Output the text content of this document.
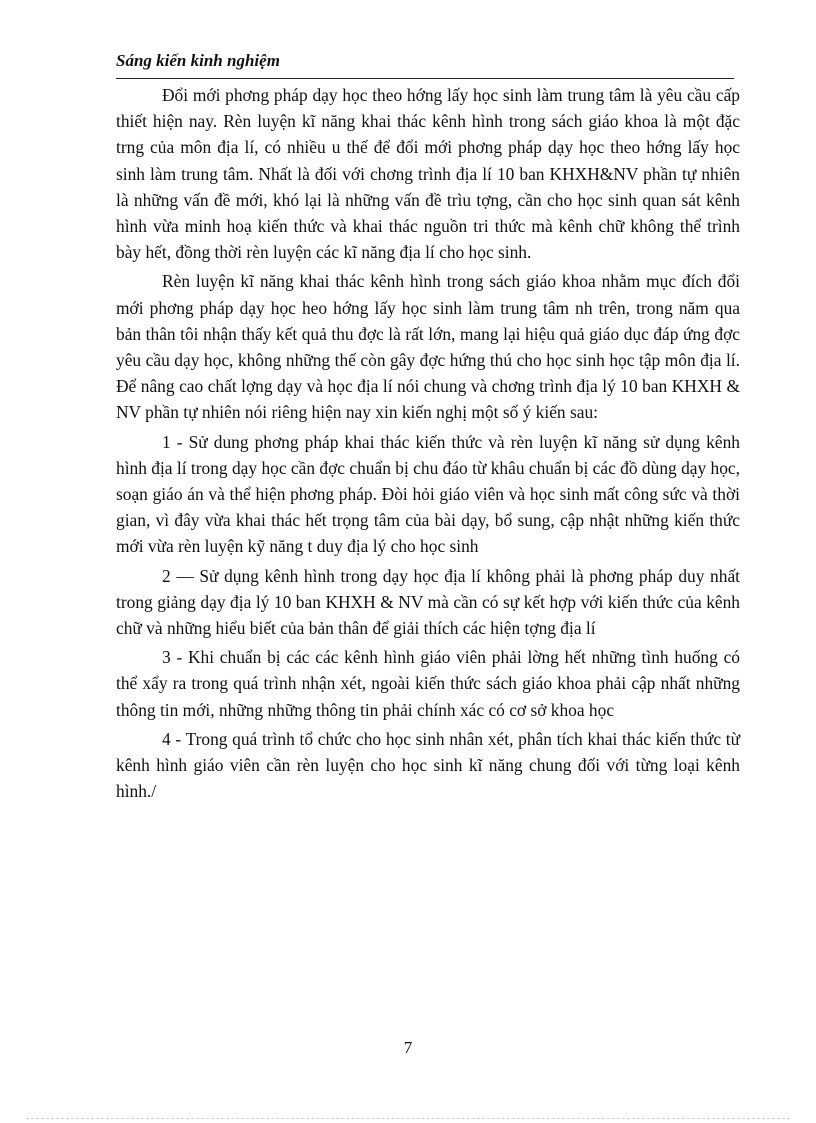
Sáng kiến kinh nghiệm

Đổi mới phơng pháp dạy học theo hớng lấy học sinh làm trung tâm là yêu cầu cấp thiết hiện nay. Rèn luyện kĩ năng khai thác kênh hình trong sách giáo khoa là một đặc trng của môn địa lí, có nhiều u thế để đổi mới phơng pháp dạy học theo hớng lấy học sinh làm trung tâm. Nhất là đối với chơng trình địa lí 10 ban KHXH&NV phần tự nhiên là những vấn đề mới, khó lại là những vấn đề trìu tợng, cần cho học sinh quan sát kênh hình vừa minh hoạ kiến thức và khai thác nguồn tri thức mà kênh chữ không thể trình bày hết, đồng thời rèn luyện các kĩ năng địa lí cho học sinh.

Rèn luyện kĩ năng khai thác kênh hình trong sách giáo khoa nhằm mục đích đổi mới phơng pháp dạy học heo hớng lấy học sinh làm trung tâm nh trên, trong năm qua bản thân tôi nhận thấy kết quả thu đợc là rất lớn, mang lại hiệu quả giáo dục đáp ứng đợc yêu cầu dạy học, không những thế còn gây đợc hứng thú cho học sinh học tập môn địa lí. Để nâng cao chất lợng dạy và học địa lí nói chung và chơng trình địa lý 10 ban KHXH & NV phần tự nhiên nói riêng hiện nay xin kiến nghị một số ý kiến sau:

1 - Sử dung phơng pháp khai thác kiến thức và rèn luyện kĩ năng sử dụng kênh hình địa lí trong dạy học cần đợc chuẩn bị chu đáo từ khâu chuẩn bị các đồ dùng dạy học, soạn giáo án và thể hiện phơng pháp. Đòi hỏi giáo viên và học sinh mất công sức và thời gian, vì đây vừa khai thác hết trọng tâm của bài dạy, bổ sung, cập nhật những kiến thức mới vừa rèn luyện kỹ năng t duy địa lý cho học sinh

2 — Sử dụng kênh hình trong dạy học địa lí không phải là phơng pháp duy nhất trong giảng dạy địa lý 10 ban KHXH & NV mà cần có sự kết hợp với kiến thức của kênh chữ và những hiểu biết của bản thân để giải thích các hiện tợng địa lí

3 - Khi chuẩn bị các các kênh hình giáo viên phải lờng hết những tình huống có thể xẩy ra trong quá trình nhận xét, ngoài kiến thức sách giáo khoa phải cập nhất những thông tin mới, những những thông tin phải chính xác có cơ sở khoa học

4 - Trong quá trình tổ chức cho học sinh nhân xét, phân tích khai thác kiến thức từ kênh hình giáo viên cần rèn luyện cho học sinh kĩ năng chung đối với từng loại kênh hình./

7
